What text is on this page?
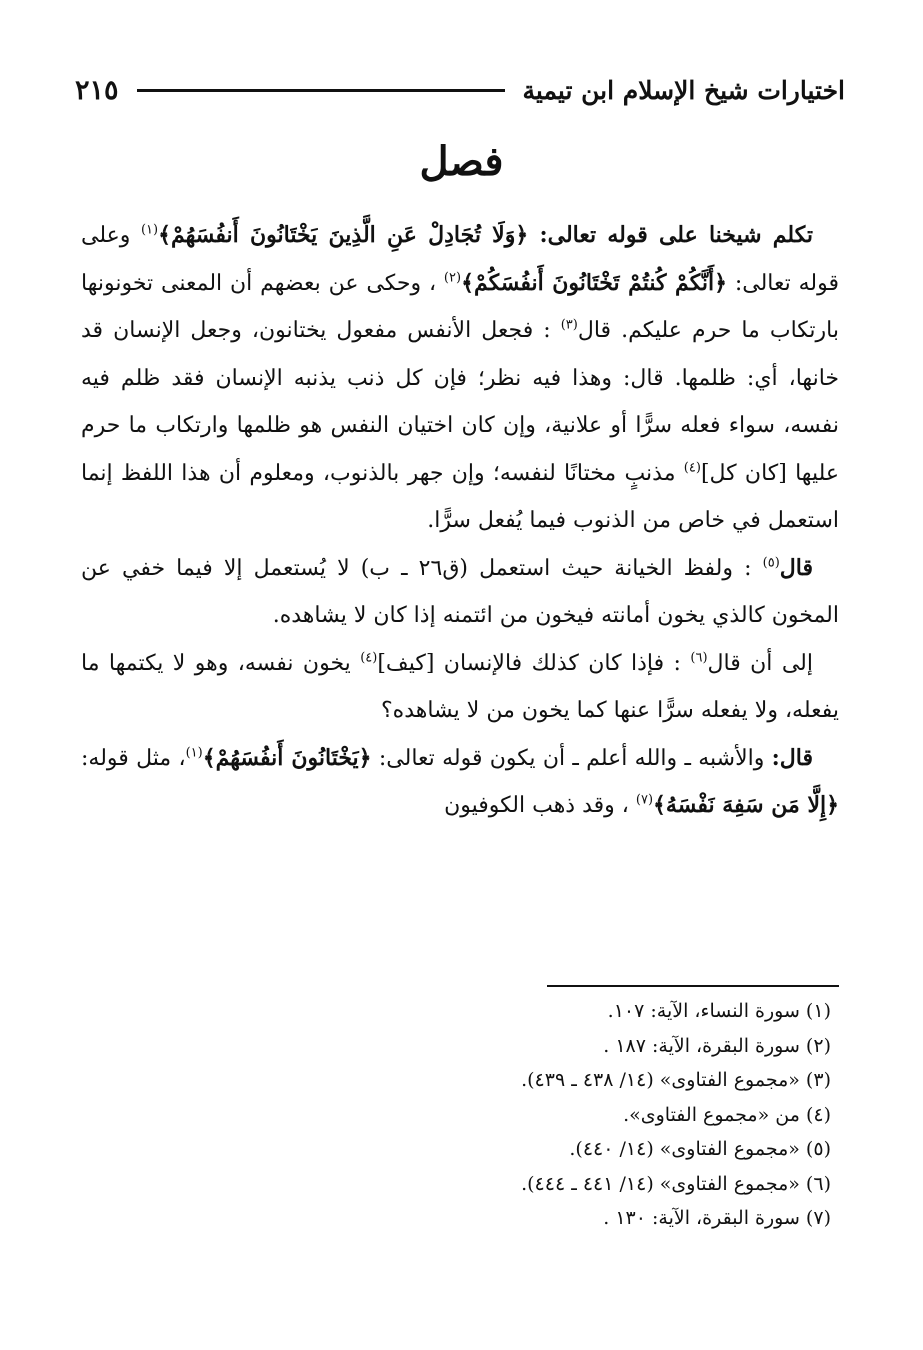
اختيارات شيخ الإسلام ابن تيمية
٢١٥
فصل

تكلم شيخنا على قوله تعالى: ﴿وَلَا تُجَادِلْ عَنِ الَّذِينَ يَخْتَانُونَ أَنفُسَهُمْ﴾$^{(١)}$ وعلى قوله تعالى: ﴿أَنَّكُمْ كُنتُمْ تَخْتَانُونَ أَنفُسَكُمْ﴾$^{(٢)}$ ، وحكى عن بعضهم أن المعنى تخونونها بارتكاب ما حرم عليكم. قال$^{(٣)}$ : فجعل الأنفس مفعول يختانون، وجعل الإنسان قد خانها، أي: ظلمها. قال: وهذا فيه نظر؛ فإن كل ذنب يذنبه الإنسان فقد ظلم فيه نفسه، سواء فعله سرًّا أو علانية، وإن كان اختيان النفس هو ظلمها وارتكاب ما حرم عليها [كان كل]$^{(٤)}$ مذنبٍ مختانًا لنفسه؛ وإن جهر بالذنوب، ومعلوم أن هذا اللفظ إنما استعمل في خاص من الذنوب فيما يُفعل سرًّا.

قال$^{(٥)}$ : ولفظ الخيانة حيث استعمل (ق٢٦ ـ ب) لا يُستعمل إلا فيما خفي عن المخون كالذي يخون أمانته فيخون من ائتمنه إذا كان لا يشاهده.

إلى أن قال$^{(٦)}$ : فإذا كان كذلك فالإنسان [كيف]$^{(٤)}$ يخون نفسه، وهو لا يكتمها ما يفعله، ولا يفعله سرًّا عنها كما يخون من لا يشاهده؟

قال: والأشبه ـ والله أعلم ـ أن يكون قوله تعالى: ﴿يَخْتَانُونَ أَنفُسَهُمْ﴾$^{(١)}$، مثل قوله: ﴿إِلَّا مَن سَفِهَ نَفْسَهُ﴾$^{(٧)}$ ، وقد ذهب الكوفيون

(١) سورة النساء، الآية: ١٠٧.
(٢) سورة البقرة، الآية: ١٨٧ .
(٣) «مجموع الفتاوى» (١٤/ ٤٣٨ ـ ٤٣٩).
(٤) من «مجموع الفتاوى».
(٥) «مجموع الفتاوى» (١٤/ ٤٤٠).
(٦) «مجموع الفتاوى» (١٤/ ٤٤١ ـ ٤٤٤).
(٧) سورة البقرة، الآية: ١٣٠ .
